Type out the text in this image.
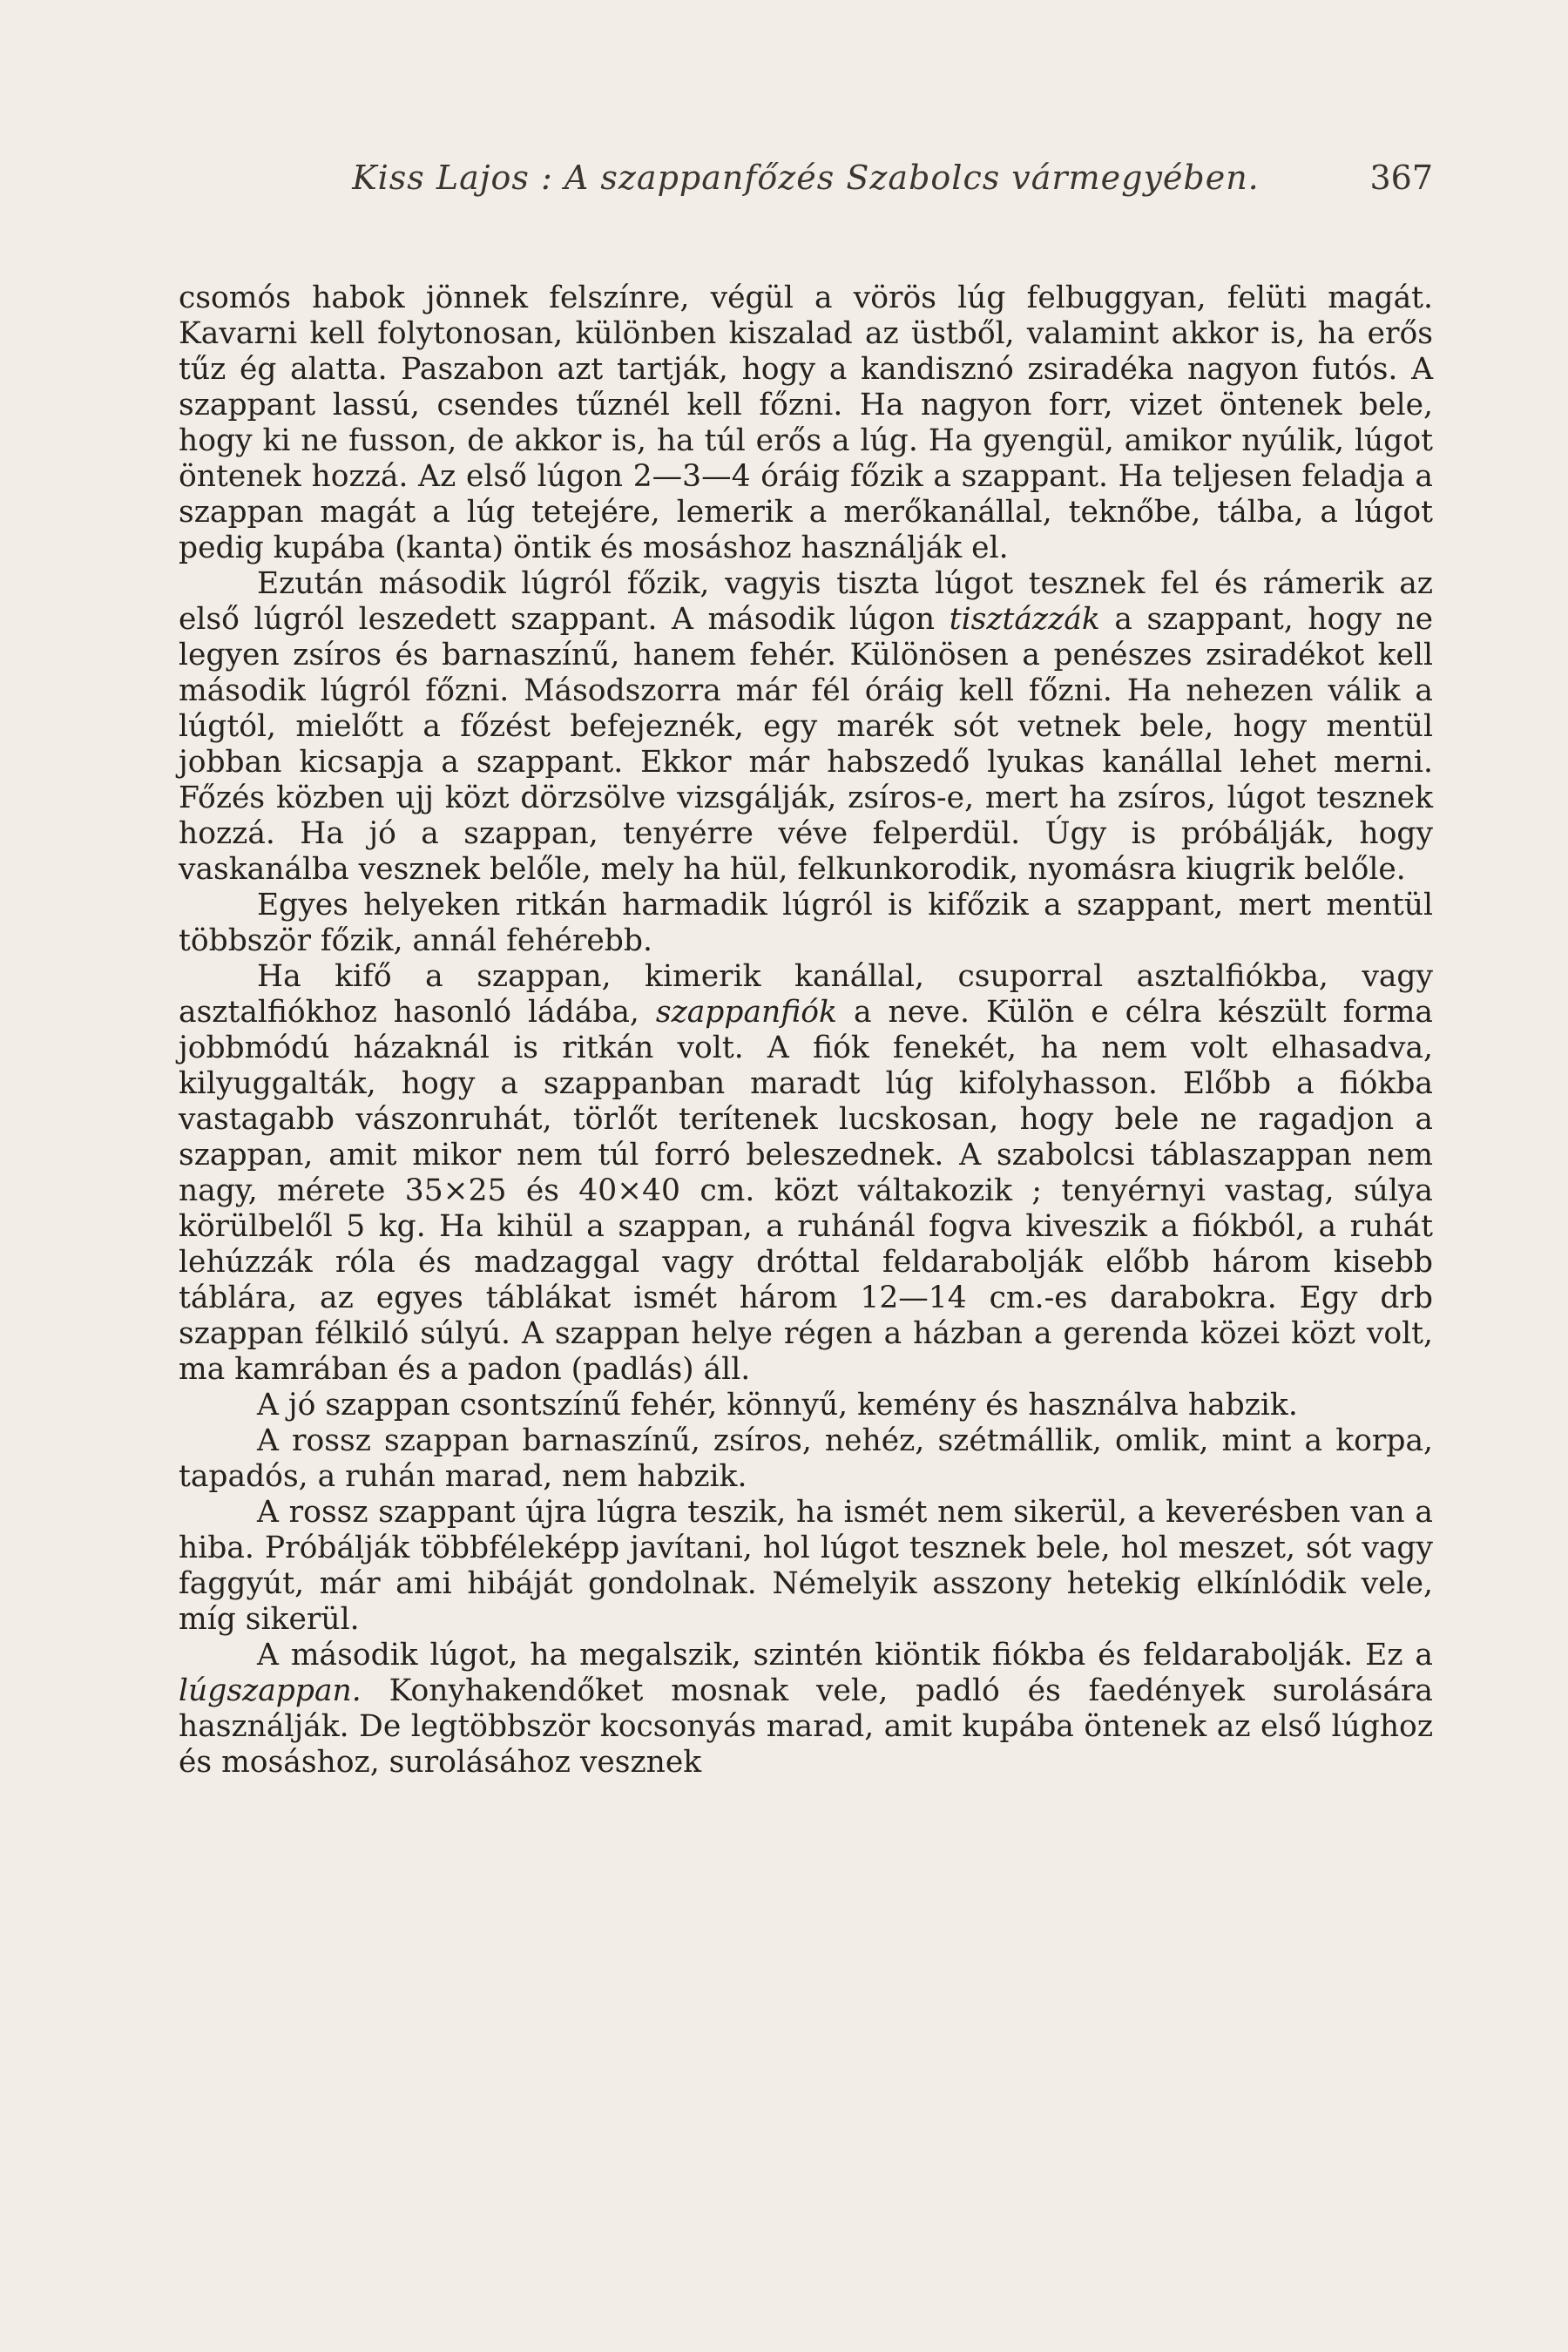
Kiss Lajos : A szappanfőzés Szabolcs vármegyében.	367

csomós habok jönnek felszínre, végül a vörös lúg felbuggyan, felüti magát. Kavarni kell folytonosan, különben kiszalad az üstből, valamint akkor is, ha erős tűz ég alatta. Paszabon azt tartják, hogy a kandisznó zsiradéka nagyon futós. A szappant lassú, csendes tűznél kell főzni. Ha nagyon forr, vizet öntenek bele, hogy ki ne fusson, de akkor is, ha túl erős a lúg. Ha gyengül, amikor nyúlik, lúgot öntenek hozzá. Az első lúgon 2—3—4 óráig főzik a szappant. Ha teljesen feladja a szappan magát a lúg tetejére, lemerik a merőkanállal, teknőbe, tálba, a lúgot pedig kupába (kanta) öntik és mosáshoz használják el.

Ezután második lúgról főzik, vagyis tiszta lúgot tesznek fel és rámerik az első lúgról leszedett szappant. A második lúgon tisztázzák a szappant, hogy ne legyen zsíros és barnaszínű, hanem fehér. Különösen a penészes zsiradékot kell második lúgról főzni. Másodszorra már fél óráig kell főzni. Ha nehezen válik a lúgtól, mielőtt a főzést befejeznék, egy marék sót vetnek bele, hogy mentül jobban kicsapja a szappant. Ekkor már habszedő lyukas kanállal lehet merni. Főzés közben ujj közt dörzsölve vizsgálják, zsíros-e, mert ha zsíros, lúgot tesznek hozzá. Ha jó a szappan, tenyérre véve felperdül. Úgy is próbálják, hogy vaskanálba vesznek belőle, mely ha hül, felkunkorodik, nyomásra kiugrik belőle.

Egyes helyeken ritkán harmadik lúgról is kifőzik a szappant, mert mentül többször főzik, annál fehérebb.

Ha kifő a szappan, kimerik kanállal, csuporral asztalfiókba, vagy asztalfiókhoz hasonló ládába, szappanfiók a neve. Külön e célra készült forma jobbmódú házaknál is ritkán volt. A fiók fenekét, ha nem volt elhasadva, kilyuggalták, hogy a szappanban maradt lúg kifolyhasson. Előbb a fiókba vastagabb vászonruhát, törlőt terítenek lucskosan, hogy bele ne ragadjon a szappan, amit mikor nem túl forró beleszednek. A szabolcsi táblaszappan nem nagy, mérete 35×25 és 40×40 cm. közt váltakozik ; tenyérnyi vastag, súlya körülbelől 5 kg. Ha kihül a szappan, a ruhánál fogva kiveszik a fiókból, a ruhát lehúzzák róla és madzaggal vagy dróttal feldarabolják előbb három kisebb táblára, az egyes táblákat ismét három 12—14 cm.-es darabokra. Egy drb szappan félkiló súlyú. A szappan helye régen a házban a gerenda közei közt volt, ma kamrában és a padon (padlás) áll.

A jó szappan csontszínű fehér, könnyű, kemény és használva habzik.

A rossz szappan barnaszínű, zsíros, nehéz, szétmállik, omlik, mint a korpa, tapadós, a ruhán marad, nem habzik.

A rossz szappant újra lúgra teszik, ha ismét nem sikerül, a keverésben van a hiba. Próbálják többféleképp javítani, hol lúgot tesznek bele, hol meszet, sót vagy faggyút, már ami hibáját gondolnak. Némelyik asszony hetekig elkínlódik vele, míg sikerül.

A második lúgot, ha megalszik, szintén kiöntik fiókba és feldarabolják. Ez a lúgszappan. Konyhakendőket mosnak vele, padló és faedények surolására használják. De legtöbbször kocsonyás marad, amit kupába öntenek az első lúghoz és mosáshoz, surolásához vesznek
